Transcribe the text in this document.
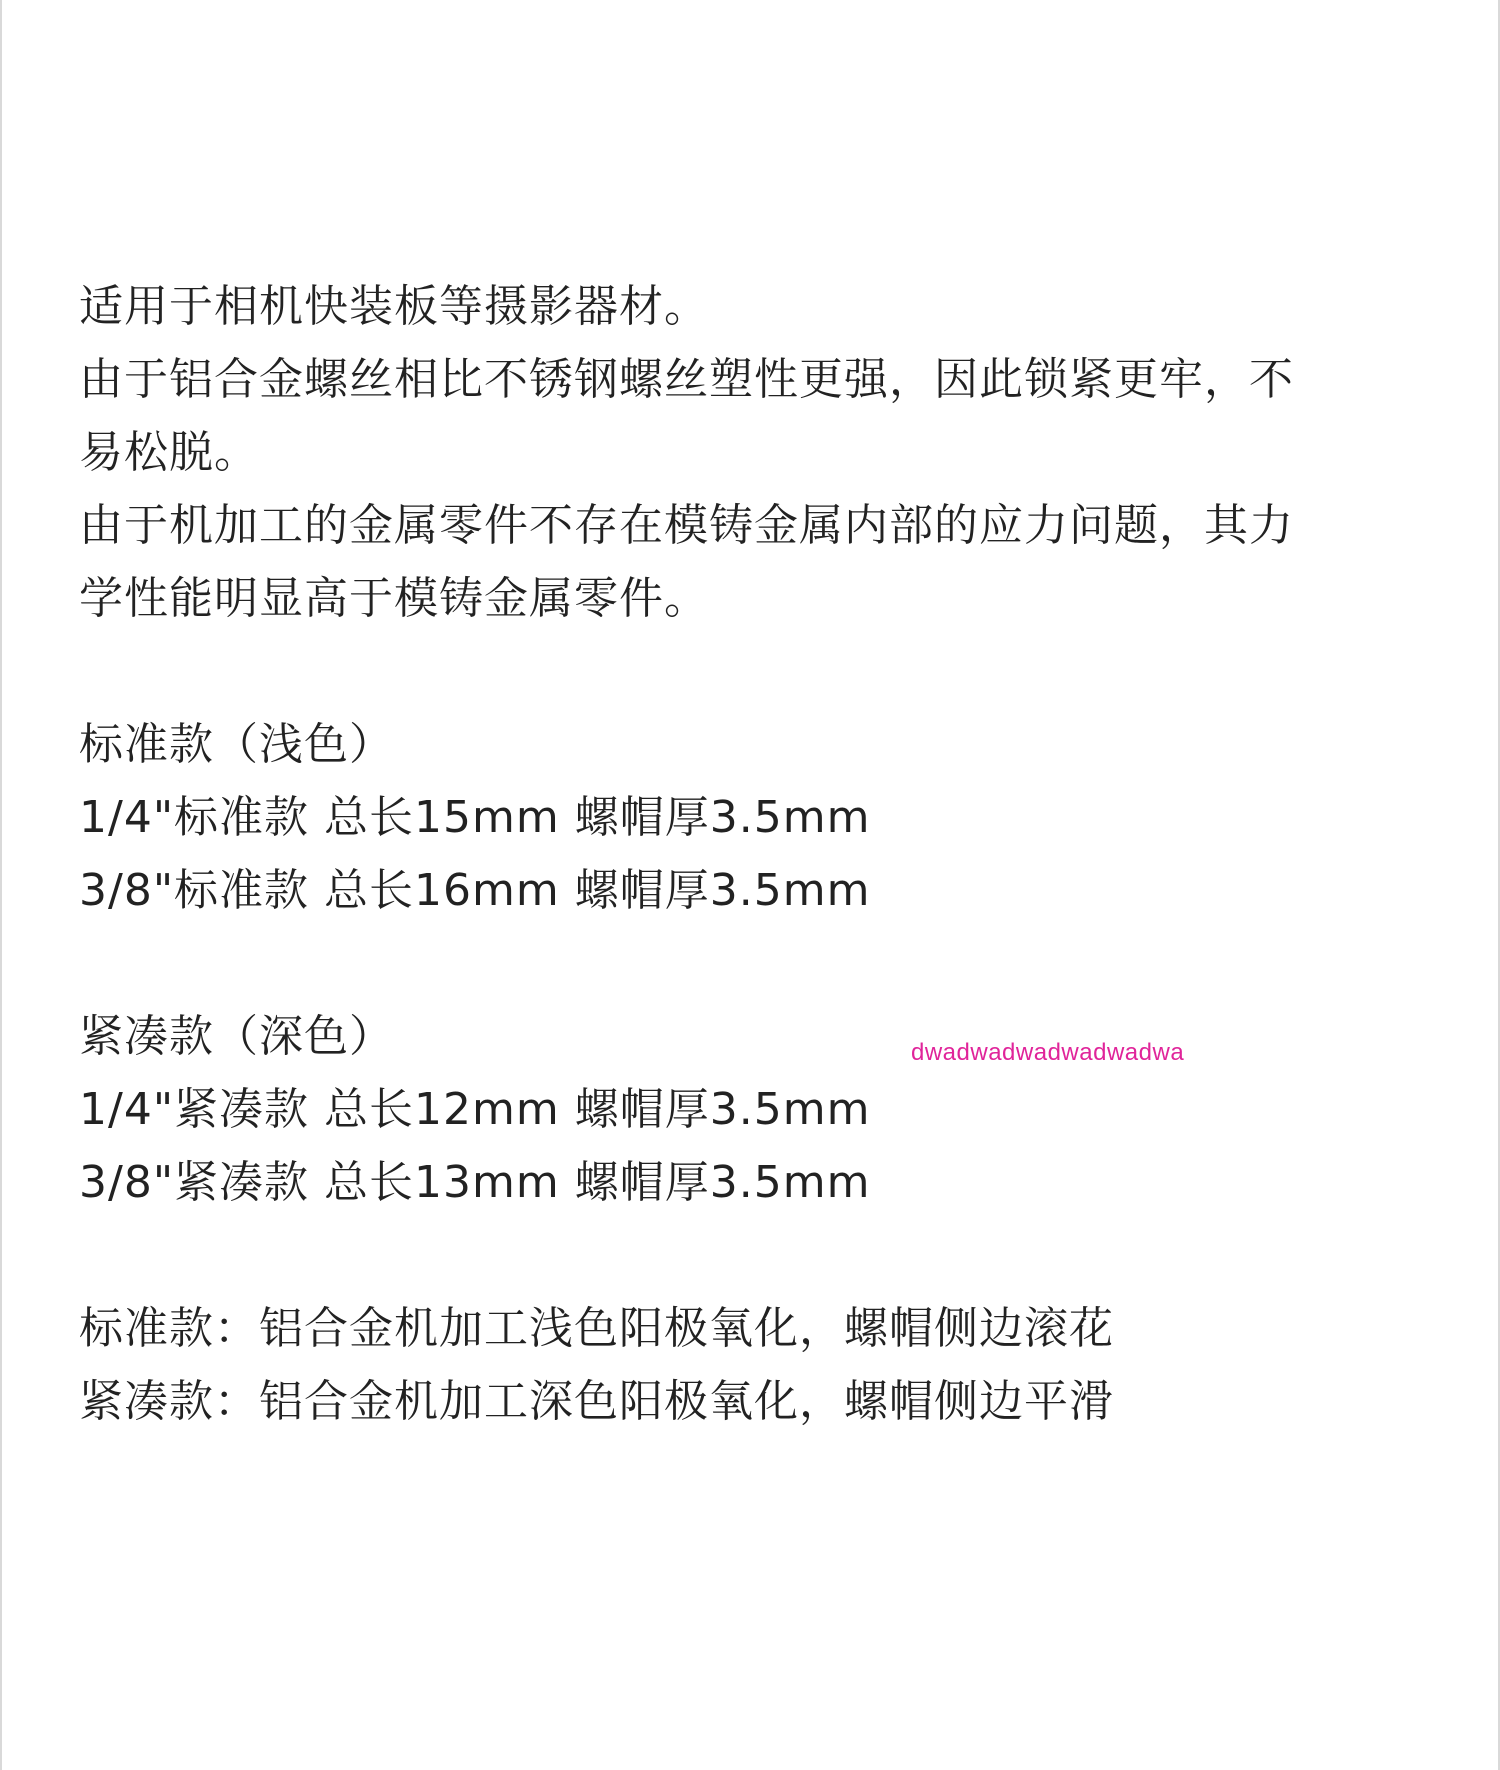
适用于相机快装板等摄影器材。
由于铝合金螺丝相比不锈钢螺丝塑性更强，因此锁紧更牢，不
易松脱。
由于机加工的金属零件不存在模铸金属内部的应力问题，其力
学性能明显高于模铸金属零件。
标准款（浅色）
1/4"标准款 总长15mm 螺帽厚3.5mm
3/8"标准款 总长16mm 螺帽厚3.5mm
紧凑款（深色）
1/4"紧凑款 总长12mm 螺帽厚3.5mm
3/8"紧凑款 总长13mm 螺帽厚3.5mm
标准款：铝合金机加工浅色阳极氧化，螺帽侧边滚花
紧凑款：铝合金机加工深色阳极氧化，螺帽侧边平滑
dwadwadwadwadwadwa
